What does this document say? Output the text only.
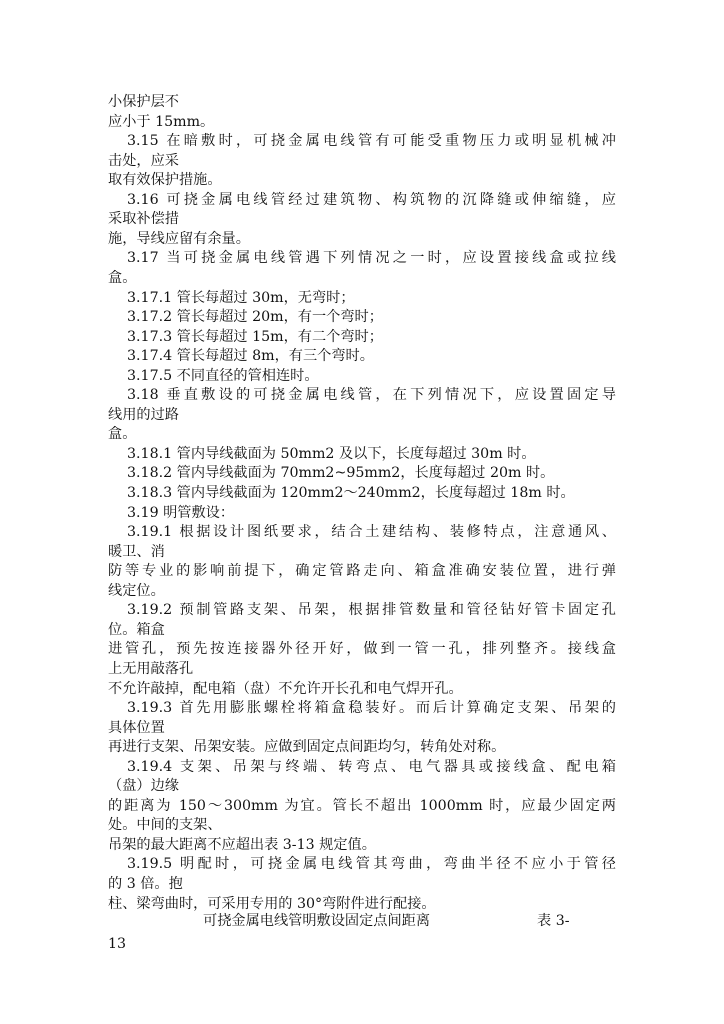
小保护层不
应小于 15mm。
3.15 在暗敷时，可挠金属电线管有可能受重物压力或明显机械冲
击处，应采
取有效保护措施。
3.16 可挠金属电线管经过建筑物、构筑物的沉降缝或伸缩缝，应
采取补偿措
施，导线应留有余量。
3.17 当可挠金属电线管遇下列情况之一时，应设置接线盒或拉线
盒。
3.17.1 管长每超过 30m，无弯时；
3.17.2 管长每超过 20m，有一个弯时；
3.17.3 管长每超过 15m，有二个弯时；
3.17.4 管长每超过 8m，有三个弯时。
3.17.5 不同直径的管相连时。
3.18 垂直敷设的可挠金属电线管，在下列情况下，应设置固定导
线用的过路
盒。
3.18.1 管内导线截面为 50mm2 及以下，长度每超过 30m 时。
3.18.2 管内导线截面为 70mm2~95mm2，长度每超过 20m 时。
3.18.3 管内导线截面为 120mm2～240mm2，长度每超过 18m 时。
3.19 明管敷设：
3.19.1 根据设计图纸要求，结合土建结构、装修特点，注意通风、
暖卫、消
防等专业的影响前提下，确定管路走向、箱盒准确安装位置，进行弹
线定位。
3.19.2 预制管路支架、吊架，根据排管数量和管径钻好管卡固定孔
位。箱盒
进管孔，预先按连接器外径开好，做到一管一孔，排列整齐。接线盒
上无用敲落孔
不允许敲掉，配电箱（盘）不允许开长孔和电气焊开孔。
3.19.3 首先用膨胀螺栓将箱盒稳装好。而后计算确定支架、吊架的
具体位置
再进行支架、吊架安装。应做到固定点间距均匀，转角处对称。
3.19.4 支架、吊架与终端、转弯点、电气器具或接线盒、配电箱
（盘）边缘
的距离为 150～300mm 为宜。管长不超出 1000mm 时，应最少固定两
处。中间的支架、
吊架的最大距离不应超出表 3-13 规定值。
3.19.5 明配时，可挠金属电线管其弯曲，弯曲半径不应小于管径
的 3 倍。抱
柱、梁弯曲时，可采用专用的 30°弯附件进行配接。
可挠金属电线管明敷设固定点间距离	表 3-
13
